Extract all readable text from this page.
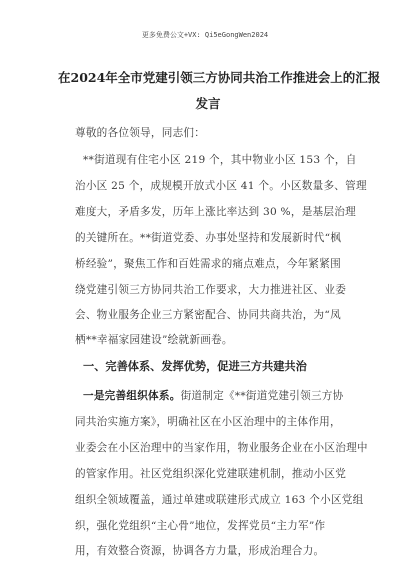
更多免费公文+VX: Qi5eGongWen2024
在2024年全市党建引领三方协同共治工作推进会上的汇报
发言
尊敬的各位领导，同志们：
**街道现有住宅小区 219 个，其中物业小区 153 个，自
治小区 25 个，成规模开放式小区 41 个。小区数量多、管理
难度大，矛盾多发，历年上涨比率达到 30 %，是基层治理
的关键所在。**街道党委、办事处坚持和发展新时代“枫
桥经验”，聚焦工作和百姓需求的痛点难点，今年紧紧围
绕党建引领三方协同共治工作要求，大力推进社区、业委
会、物业服务企业三方紧密配合、协同共商共治，为“凤
栖**幸福家园建设”绘就新画卷。
一、完善体系、发挥优势，促进三方共建共治
一是完善组织体系。街道制定《**街道党建引领三方协
同共治实施方案》，明确社区在小区治理中的主体作用，
业委会在小区治理中的当家作用，物业服务企业在小区治理中
的管家作用。社区党组织深化党建联建机制，推动小区党
组织全领域覆盖，通过单建或联建形式成立 163 个小区党组
织，强化党组织“主心骨”地位，发挥党员“主力军”作
用，有效整合资源，协调各方力量，形成治理合力。
